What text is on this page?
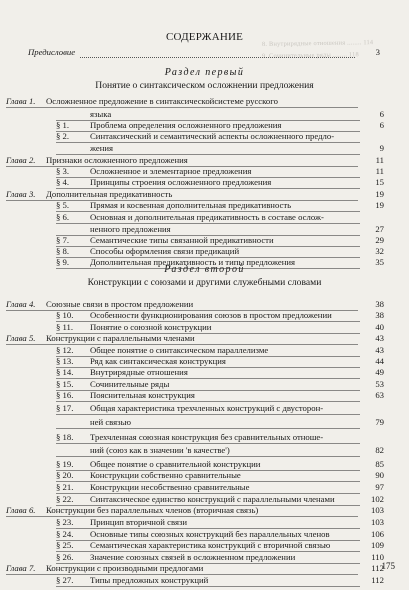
8. Внутрирядные отношения ........ 114
9. Сочинительные ряды ........ 118
СОДЕРЖАНИЕ
Предисловие	3
Раздел первый
Понятие о синтаксическом осложнении предложения
Раздел второй
Конструкции с союзами и другими служебными словами
Глава 1.	Осложненное предложение в синтаксическойсистеме русского
языка	6
§ 1.	Проблема определения осложненного предложения	6
§ 2.	Синтаксический и семантический аспекты осложненного предло-
жения	9
Глава 2.	Признаки осложненного предложения	11
§ 3.	Осложненное и элементарное предложения	11
§ 4.	Принципы строения осложненного предложения	15
Глава 3.	Дополнительная предикативность	19
§ 5.	Прямая и косвенная дополнительная предикативность	19
§ 6.	Основная и дополнительная предикативность в составе ослож-
ненного предложения	27
§ 7.	Семантические типы связанной предикативности	29
§ 8.	Способы оформления связи предикаций	32
§ 9.	Дополнительная предикативность и типы предложения	35
Глава 4.	Союзные связи в простом предложении	38
§ 10.	Особенности функционирования союзов в простом предложении	38
§ 11.	Понятие о союзной конструкции	40
Глава 5.	Конструкции с параллельными членами	43
§ 12.	Общее понятие о синтаксическом параллелизме	43
§ 13.	Ряд как синтаксическая конструкция	44
§ 14.	Внутрирядные отношения	49
§ 15.	Сочинительные ряды	53
§ 16.	Пояснительная конструкция	63
§ 17.	Общая характеристика трехчленных конструкций с двусторон-
ней связью	79
§ 18.	Трехчленная союзная конструкция без сравнительных отноше-
ний (союз как в значении 'в качестве')	82
§ 19.	Общее понятие о сравнительной конструкции	85
§ 20.	Конструкции собственно сравнительные	90
§ 21.	Конструкции несобственно сравнительные	97
§ 22.	Синтаксическое единство конструкций с параллельными членами	102
Глава 6.	Конструкции без параллельных членов (вторичная связь)	103
§ 23.	Принцип вторичной связи	103
§ 24.	Основные типы союзных конструкций без параллельных членов	106
§ 25.	Семантическая характеристика конструкций с вторичной связью	109
§ 26.	Значение союзных связей в осложненном предложении	110
Глава 7.	Конструкции с производными предлогами	112
§ 27.	Типы предложных конструкций	112
175
